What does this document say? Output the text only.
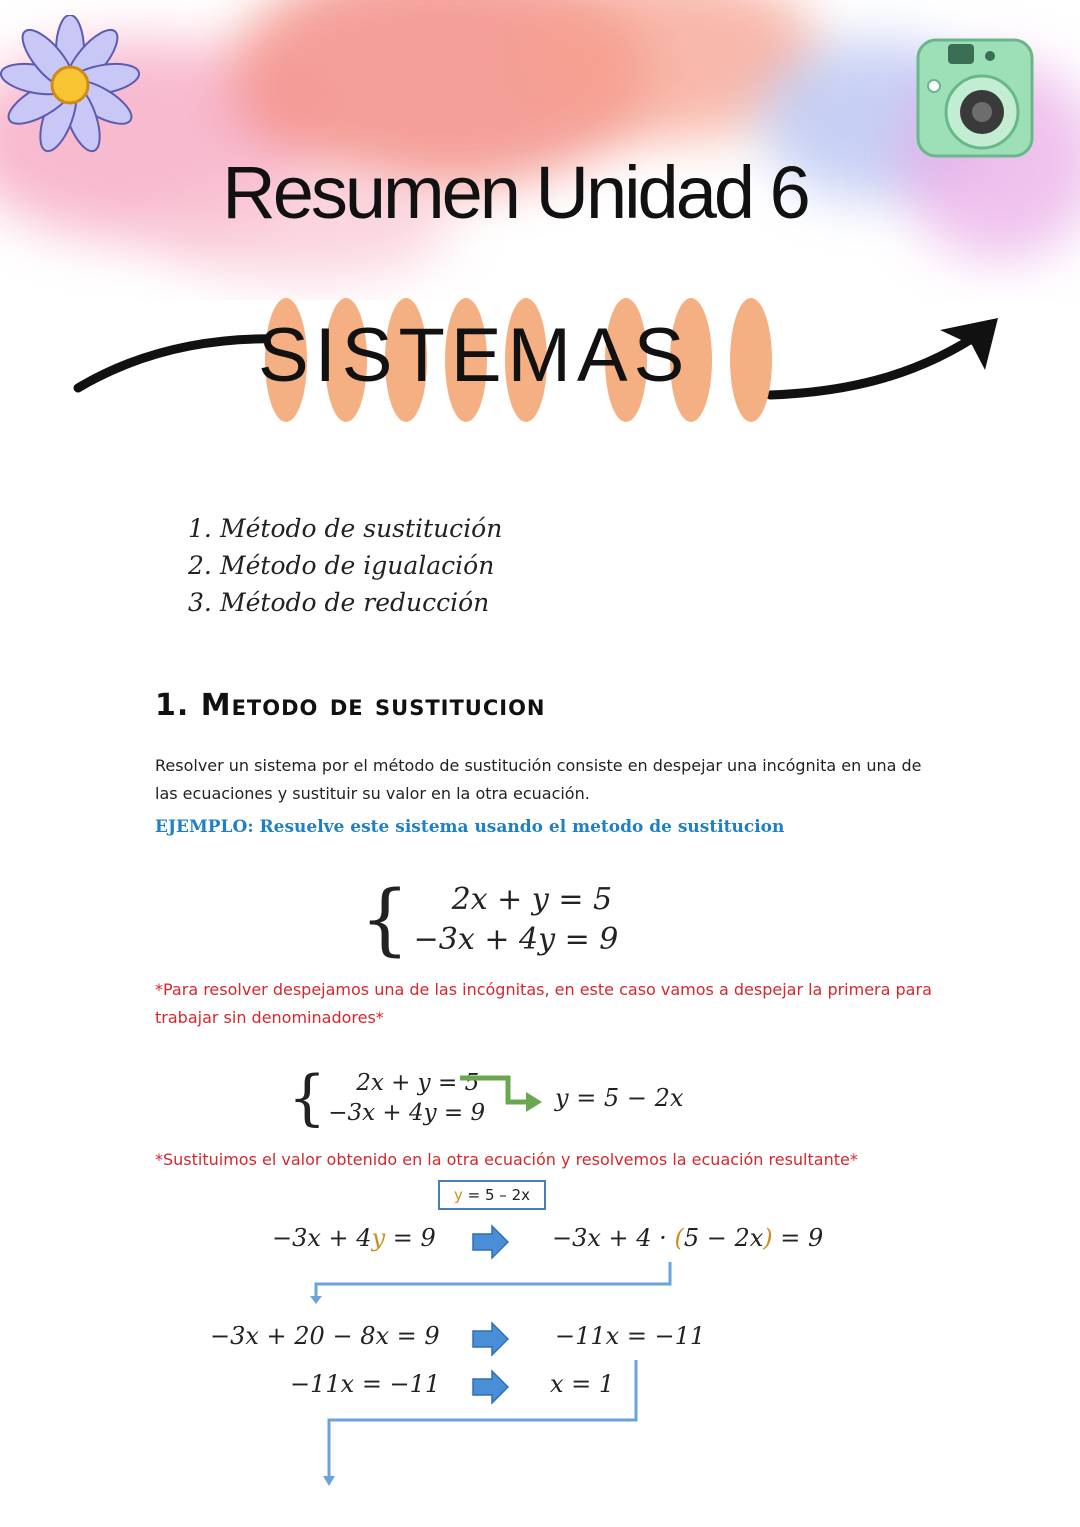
Resumen Unidad 6
SISTEMAS
1. Método de sustitución
2. Método de igualación
3. Método de reducción
1. Metodo de sustitucion
Resolver un sistema por el método de sustitución consiste en despejar una incógnita en una de las ecuaciones y sustituir su valor en la otra ecuación.
EJEMPLO: Resuelve este sistema usando el metodo de sustitucion
{	2x + y = 5
−3x + 4y = 9
*Para resolver despejamos una de las incógnitas, en este caso vamos a despejar la primera para trabajar sin denominadores*
{	2x + y = 5
−3x + 4y = 9
y = 5 − 2x
*Sustituimos el valor obtenido en la otra ecuación y resolvemos la ecuación resultante*
y = 5 – 2x
−3x + 4y = 9	−3x + 4 · (5 − 2x) = 9
−3x + 20 − 8x = 9	−11x = −11
−11x = −11	x = 1
